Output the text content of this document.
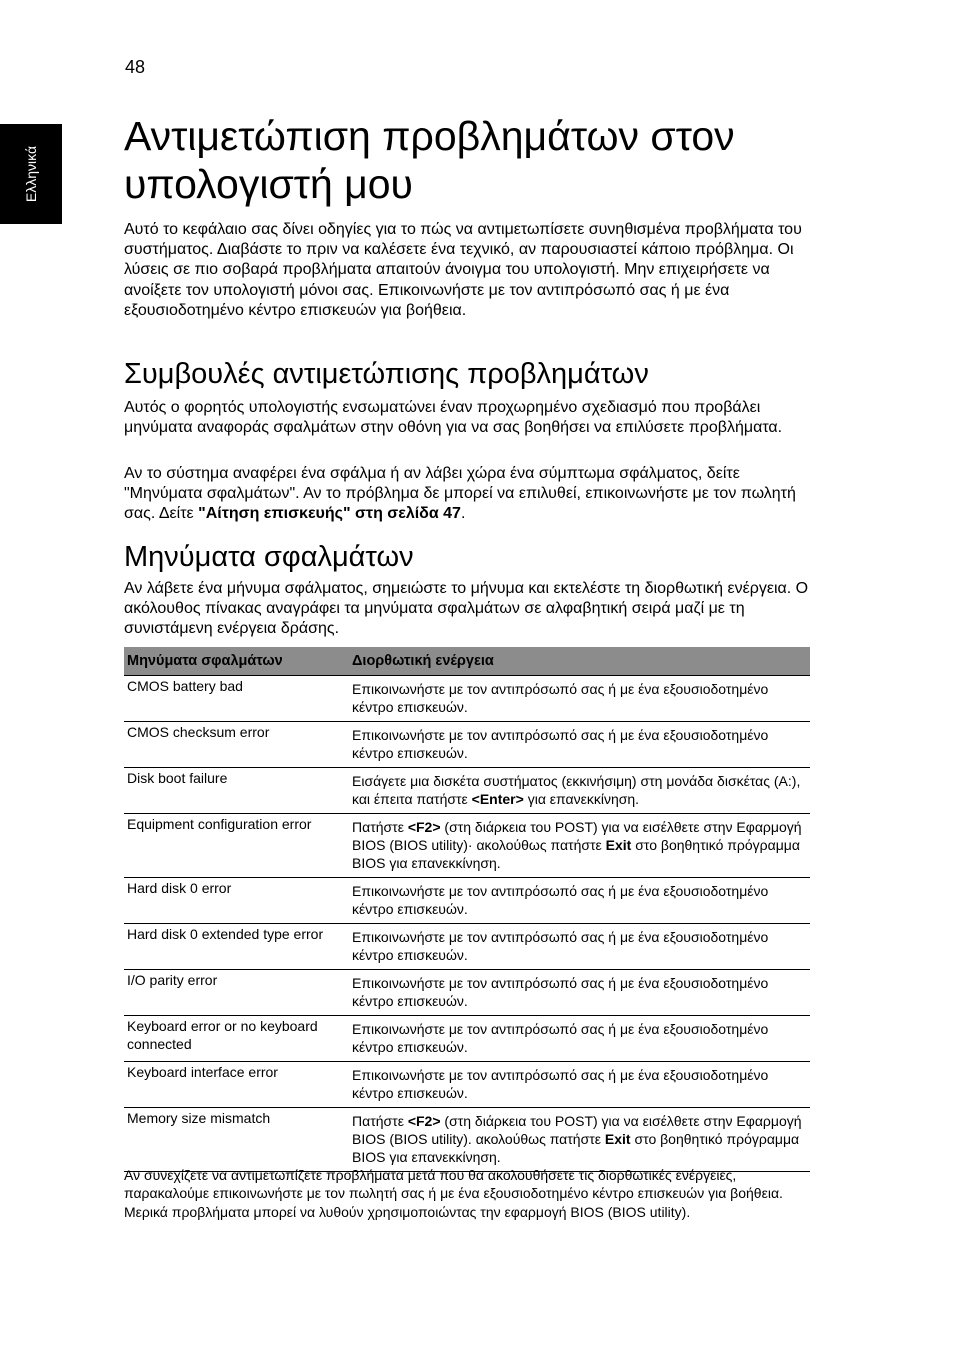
48
Ελληνικά
Αντιμετώπιση προβλημάτων στον υπολογιστή μου

Αυτό το κεφάλαιο σας δίνει οδηγίες για το πώς να αντιμετωπίσετε συνηθισμένα προβλήματα του συστήματος. Διαβάστε το πριν να καλέσετε ένα τεχνικό, αν παρουσιαστεί κάποιο πρόβλημα. Οι λύσεις σε πιο σοβαρά προβλήματα απαιτούν άνοιγμα του υπολογιστή. Μην επιχειρήσετε να ανοίξετε τον υπολογιστή μόνοι σας. Επικοινωνήστε με τον αντιπρόσωπό σας ή με ένα εξουσιοδοτημένο κέντρο επισκευών για βοήθεια.

Συμβουλές αντιμετώπισης προβλημάτων

Αυτός ο φορητός υπολογιστής ενσωματώνει έναν προχωρημένο σχεδιασμό που προβάλει μηνύματα αναφοράς σφαλμάτων στην οθόνη για να σας βοηθήσει να επιλύσετε προβλήματα.

Αν το σύστημα αναφέρει ένα σφάλμα ή αν λάβει χώρα ένα σύμπτωμα σφάλματος, δείτε "Μηνύματα σφαλμάτων". Αν το πρόβλημα δε μπορεί να επιλυθεί, επικοινωνήστε με τον πωλητή σας. Δείτε "Αίτηση επισκευής" στη σελίδα 47.

Μηνύματα σφαλμάτων

Αν λάβετε ένα μήνυμα σφάλματος, σημειώστε το μήνυμα και εκτελέστε τη διορθωτική ενέργεια. Ο ακόλουθος πίνακας αναγράφει τα μηνύματα σφαλμάτων σε αλφαβητική σειρά μαζί με τη συνιστάμενη ενέργεια δράσης.

Μηνύματα σφαλμάτων	Διορθωτική ενέργεια
CMOS battery bad	Επικοινωνήστε με τον αντιπρόσωπό σας ή με ένα εξουσιοδοτημένο κέντρο επισκευών.
CMOS checksum error	Επικοινωνήστε με τον αντιπρόσωπό σας ή με ένα εξουσιοδοτημένο κέντρο επισκευών.
Disk boot failure	Εισάγετε μια δισκέτα συστήματος (εκκινήσιμη) στη μονάδα δισκέτας (A:), και έπειτα πατήστε <Enter> για επανεκκίνηση.
Equipment configuration error	Πατήστε <F2> (στη διάρκεια του POST) για να εισέλθετε στην Εφαρμογή BIOS (BIOS utility)· ακολούθως πατήστε Exit στο βοηθητικό πρόγραμμα BIOS για επανεκκίνηση.
Hard disk 0 error	Επικοινωνήστε με τον αντιπρόσωπό σας ή με ένα εξουσιοδοτημένο κέντρο επισκευών.
Hard disk 0 extended type error	Επικοινωνήστε με τον αντιπρόσωπό σας ή με ένα εξουσιοδοτημένο κέντρο επισκευών.
I/O parity error	Επικοινωνήστε με τον αντιπρόσωπό σας ή με ένα εξουσιοδοτημένο κέντρο επισκευών.
Keyboard error or no keyboard connected	Επικοινωνήστε με τον αντιπρόσωπό σας ή με ένα εξουσιοδοτημένο κέντρο επισκευών.
Keyboard interface error	Επικοινωνήστε με τον αντιπρόσωπό σας ή με ένα εξουσιοδοτημένο κέντρο επισκευών.
Memory size mismatch	Πατήστε <F2> (στη διάρκεια του POST) για να εισέλθετε στην Εφαρμογή BIOS (BIOS utility). ακολούθως πατήστε Exit στο βοηθητικό πρόγραμμα BIOS για επανεκκίνηση.

Αν συνεχίζετε να αντιμετωπίζετε προβλήματα μετά που θα ακολουθήσετε τις διορθωτικές ενέργειες, παρακαλούμε επικοινωνήστε με τον πωλητή σας ή με ένα εξουσιοδοτημένο κέντρο επισκευών για βοήθεια. Μερικά προβλήματα μπορεί να λυθούν χρησιμοποιώντας την εφαρμογή BIOS (BIOS utility).
